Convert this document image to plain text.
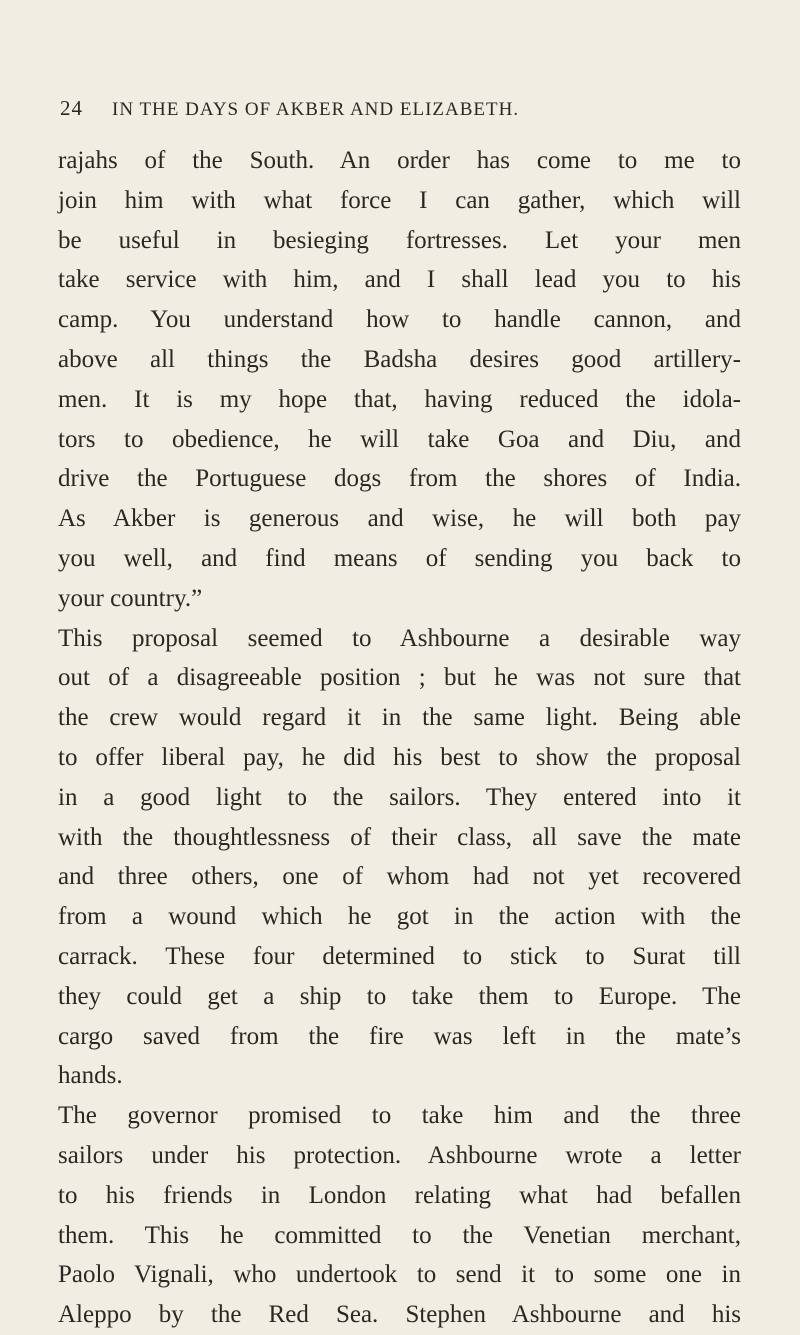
24 IN THE DAYS OF AKBER AND ELIZABETH.

rajahs of the South. An order has come to me to
join him with what force I can gather, which will
be useful in besieging fortresses. Let your men
take service with him, and I shall lead you to his
camp. You understand how to handle cannon, and
above all things the Badsha desires good artillery-
men. It is my hope that, having reduced the idola-
tors to obedience, he will take Goa and Diu, and
drive the Portuguese dogs from the shores of India.
As Akber is generous and wise, he will both pay
you well, and find means of sending you back to
your country.”

This proposal seemed to Ashbourne a desirable way
out of a disagreeable position ; but he was not sure that
the crew would regard it in the same light. Being able
to offer liberal pay, he did his best to show the proposal
in a good light to the sailors. They entered into it
with the thoughtlessness of their class, all save the mate
and three others, one of whom had not yet recovered
from a wound which he got in the action with the
carrack. These four determined to stick to Surat till
they could get a ship to take them to Europe. The
cargo saved from the fire was left in the mate’s
hands.

The governor promised to take him and the three
sailors under his protection. Ashbourne wrote a letter
to his friends in London relating what had befallen
them. This he committed to the Venetian merchant,
Paolo Vignali, who undertook to send it to some one in
Aleppo by the Red Sea. Stephen Ashbourne and his
